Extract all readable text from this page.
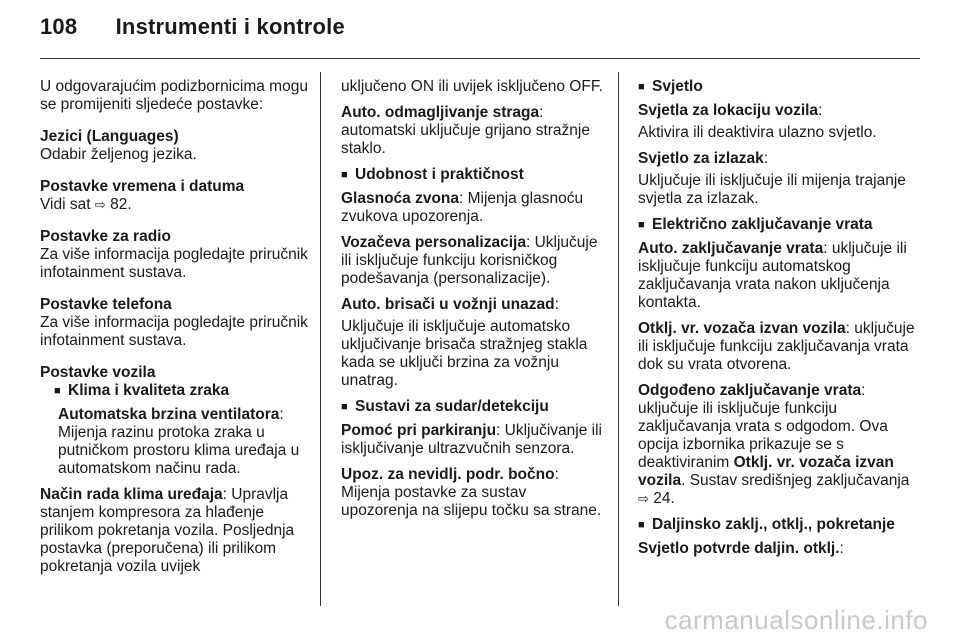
108 Instrumenti i kontrole

U odgovarajućim podizbornicima mogu se promijeniti sljedeće postavke:

Jezici (Languages)
Odabir željenog jezika.
Postavke vremena i datuma
Vidi sat ⇨ 82.
Postavke za radio
Za više informacija pogledajte priručnik infotainment sustava.
Postavke telefona
Za više informacija pogledajte priručnik infotainment sustava.
Postavke vozila
■ Klima i kvaliteta zraka
Automatska brzina ventilatora: Mijenja razinu protoka zraka u putničkom prostoru klima uređaja u automatskom načinu rada.
Način rada klima uređaja: Upravlja stanjem kompresora za hlađenje prilikom pokretanja vozila. Posljednja postavka (preporučena) ili prilikom pokretanja vozila uvijek
uključeno ON ili uvijek isključeno OFF.
Auto. odmagljivanje straga: automatski uključuje grijano stražnje staklo.
■ Udobnost i praktičnost
Glasnoća zvona: Mijenja glasnoću zvukova upozorenja.
Vozačeva personalizacija: Uključuje ili isključuje funkciju korisničkog podešavanja (personalizacije).
Auto. brisači u vožnji unazad:
Uključuje ili isključuje automatsko uključivanje brisača stražnjeg stakla kada se uključi brzina za vožnju unatrag.
■ Sustavi za sudar/detekciju
Pomoć pri parkiranju: Uključivanje ili isključivanje ultrazvučnih senzora.
Upoz. za nevidlj. podr. bočno: Mijenja postavke za sustav upozorenja na slijepu točku sa strane.
■ Svjetlo
Svjetla za lokaciju vozila:
Aktivira ili deaktivira ulazno svjetlo.
Svjetlo za izlazak:
Uključuje ili isključuje ili mijenja trajanje svjetla za izlazak.
■ Električno zaključavanje vrata
Auto. zaključavanje vrata: uključuje ili isključuje funkciju automatskog zaključavanja vrata nakon uključenja kontakta.
Otklj. vr. vozača izvan vozila: uključuje ili isključuje funkciju zaključavanja vrata dok su vrata otvorena.
Odgođeno zaključavanje vrata: uključuje ili isključuje funkciju zaključavanja vrata s odgodom. Ova opcija izbornika prikazuje se s deaktiviranim Otklj. vr. vozača izvan vozila. Sustav središnjeg zaključavanja ⇨ 24.
■ Daljinsko zaklj., otklj., pokretanje
Svjetlo potvrde daljin. otklj.:
carmanualsonline.info
